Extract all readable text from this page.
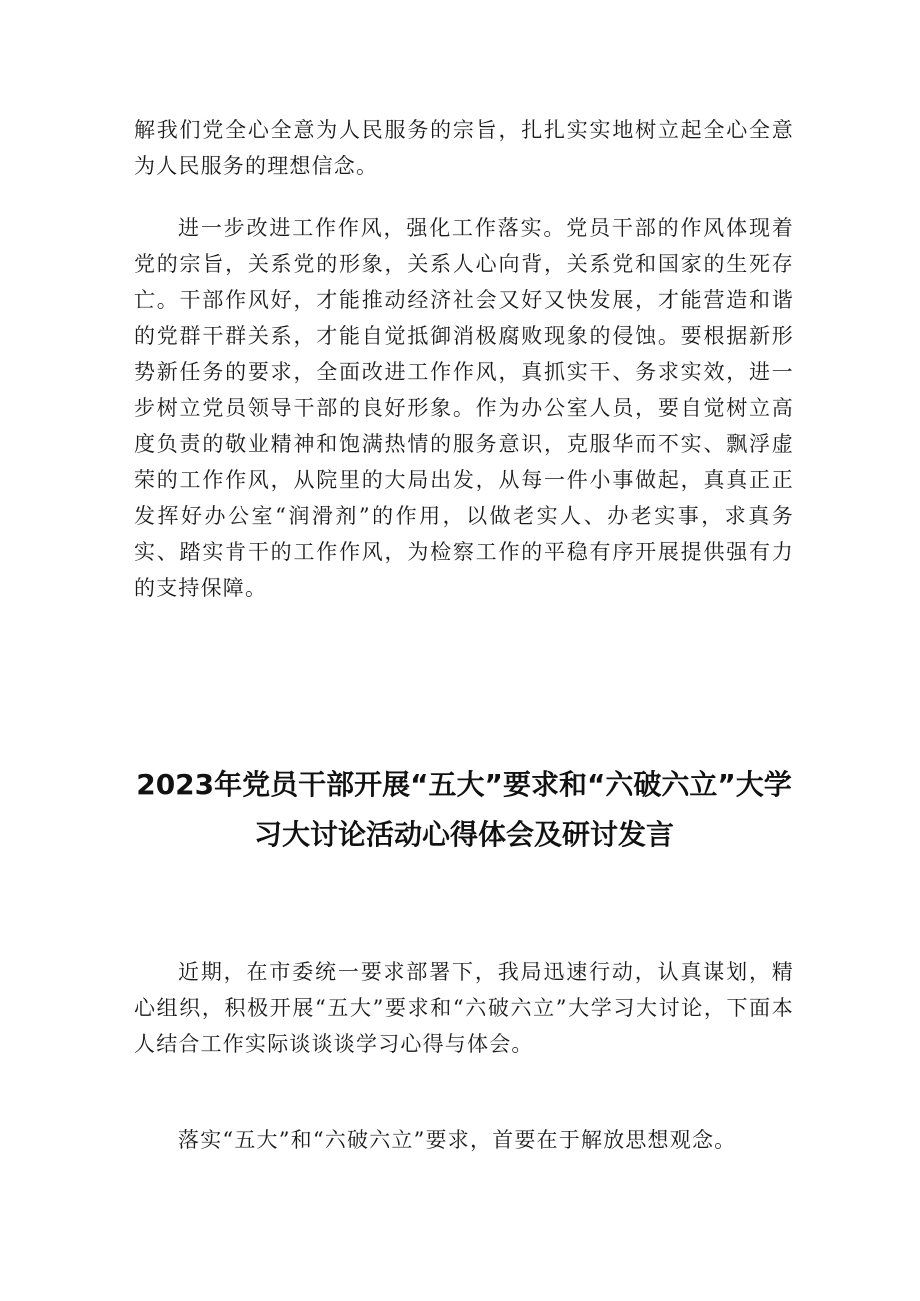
解我们党全心全意为人民服务的宗旨，扎扎实实地树立起全心全意为人民服务的理想信念。

进一步改进工作作风，强化工作落实。党员干部的作风体现着党的宗旨，关系党的形象，关系人心向背，关系党和国家的生死存亡。干部作风好，才能推动经济社会又好又快发展，才能营造和谐的党群干群关系，才能自觉抵御消极腐败现象的侵蚀。要根据新形势新任务的要求，全面改进工作作风，真抓实干、务求实效，进一步树立党员领导干部的良好形象。作为办公室人员，要自觉树立高度负责的敬业精神和饱满热情的服务意识，克服华而不实、飘浮虚荣的工作作风，从院里的大局出发，从每一件小事做起，真真正正发挥好办公室“润滑剂”的作用，以做老实人、办老实事，求真务实、踏实肯干的工作作风，为检察工作的平稳有序开展提供强有力的支持保障。

2023年党员干部开展“五大”要求和“六破六立”大学习大讨论活动心得体会及研讨发言

近期，在市委统一要求部署下，我局迅速行动，认真谋划，精心组织，积极开展“五大”要求和“六破六立”大学习大讨论，下面本人结合工作实际谈谈谈学习心得与体会。

落实“五大”和“六破六立”要求，首要在于解放思想观念。
